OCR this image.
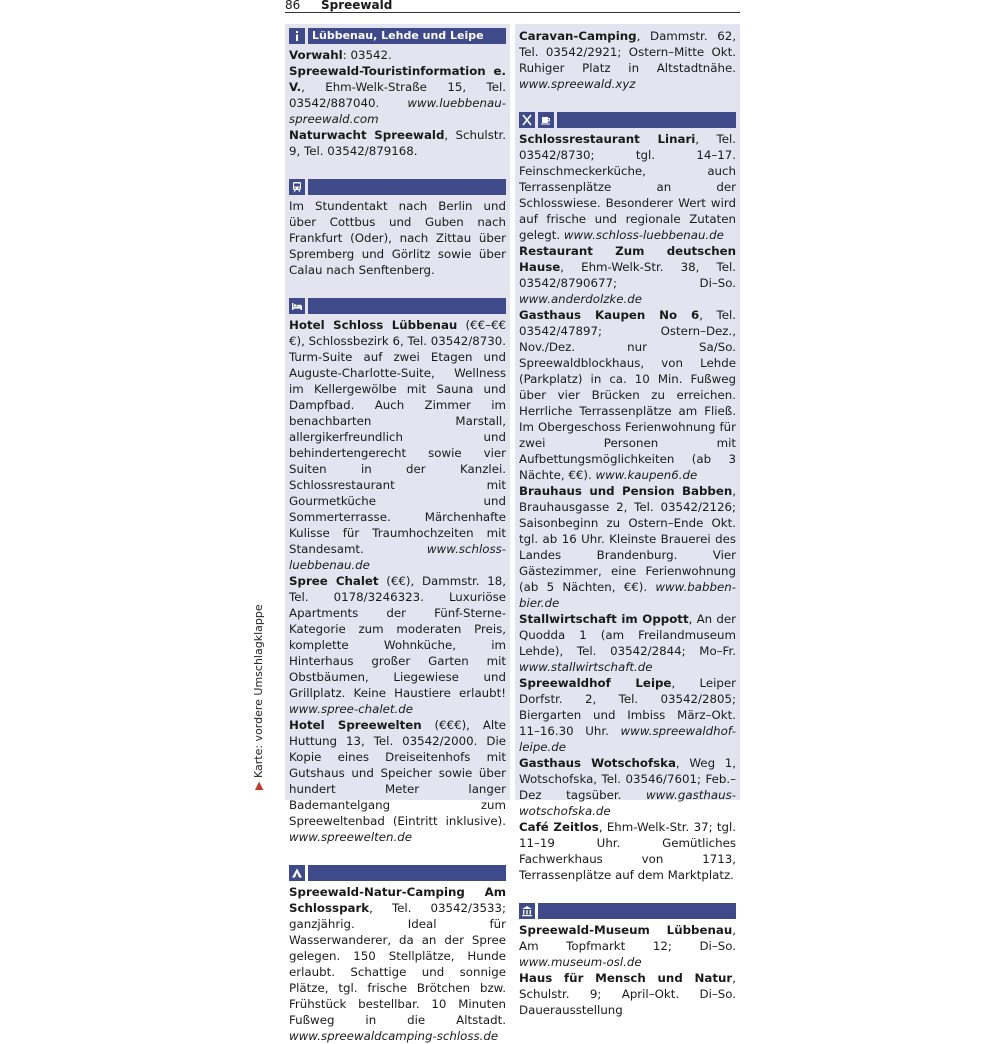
86 Spreewald
▶ Karte: vordere Umschlagklappe
Lübbenau, Lehde und Leipe

Vorwahl: 03542.

Spreewald-Touristinformation e. V., Ehm-Welk-Straße 15, Tel. 03542/887040. www.luebbenau-spreewald.com

Naturwacht Spreewald, Schulstr. 9, Tel. 03542/879168.

Im Stundentakt nach Berlin und über Cottbus und Guben nach Frankfurt (Oder), nach Zittau über Spremberg und Görlitz sowie über Calau nach Senftenberg.

Hotel Schloss Lübbenau (€€–€€€), Schlossbezirk 6, Tel. 03542/8730. Turm-Suite auf zwei Etagen und Auguste-Charlotte-Suite, Wellness im Kellergewölbe mit Sauna und Dampfbad. Auch Zimmer im benachbarten Marstall, allergikerfreundlich und behindertengerecht sowie vier Suiten in der Kanzlei. Schlossrestaurant mit Gourmetküche und Sommerterrasse. Märchenhafte Kulisse für Traumhochzeiten mit Standesamt.	www.schloss-luebbenau.de

Spree Chalet (€€), Dammstr. 18, Tel. 0178/3246323. Luxuriöse Apartments der Fünf-Sterne-Kategorie zum moderaten Preis, komplette Wohnküche, im Hinterhaus großer Garten mit Obstbäumen, Liegewiese und Grillplatz. Keine Haustiere erlaubt! www.spree-chalet.de

Hotel Spreewelten (€€€), Alte Huttung 13, Tel. 03542/2000. Die Kopie eines Dreiseitenhofs mit Gutshaus und Speicher sowie über hundert Meter langer Bademantelgang zum Spreeweltenbad (Eintritt inklusive). www.spreewelten.de

Spreewald-Natur-Camping Am Schlosspark, Tel. 03542/3533; ganzjährig. Ideal für Wasserwanderer, da an der Spree gelegen. 150 Stellplätze, Hunde erlaubt. Schattige und sonnige Plätze, tgl. frische Brötchen bzw. Frühstück bestellbar. 10 Minuten Fußweg in die Altstadt. www.spreewaldcamping-schloss.de

Caravan-Camping, Dammstr. 62, Tel. 03542/2921; Ostern–Mitte Okt. Ruhiger Platz in Altstadtnähe. www.spreewald.xyz

Schlossrestaurant Linari, Tel. 03542/8730; tgl. 14–17. Feinschmeckerküche, auch Terrassenplätze an der Schlosswiese. Besonderer Wert wird auf frische und regionale Zutaten gelegt. www.schloss-luebbenau.de

Restaurant Zum deutschen Hause, Ehm-Welk-Str. 38, Tel. 03542/8790677; Di–So. www.anderdolzke.de

Gasthaus Kaupen No 6, Tel. 03542/47897; Ostern–Dez., Nov./Dez. nur Sa/So. Spreewaldblockhaus, von Lehde (Parkplatz) in ca. 10 Min. Fußweg über vier Brücken zu erreichen. Herrliche Terrassenplätze am Fließ. Im Obergeschoss Ferienwohnung für zwei Personen mit Aufbettungsmöglichkeiten (ab 3 Nächte, €€). www.kaupen6.de

Brauhaus und Pension Babben, Brauhausgasse 2, Tel. 03542/2126; Saisonbeginn zu Ostern–Ende Okt. tgl. ab 16 Uhr. Kleinste Brauerei des Landes Brandenburg. Vier Gästezimmer, eine Ferienwohnung (ab 5 Nächten, €€). www.babben-bier.de

Stallwirtschaft im Oppott, An der Quodda 1 (am Freilandmuseum Lehde), Tel. 03542/2844; Mo–Fr. www.stallwirtschaft.de

Spreewaldhof Leipe, Leiper Dorfstr. 2, Tel. 03542/2805; Biergarten und Imbiss März–Okt. 11–16.30 Uhr. www.spreewaldhof-leipe.de

Gasthaus Wotschofska, Weg 1, Wotschofska, Tel. 03546/7601; Feb.–Dez tagsüber. www.gasthaus-wotschofska.de

Café Zeitlos, Ehm-Welk-Str. 37; tgl. 11–19 Uhr. Gemütliches Fachwerkhaus von 1713, Terrassenplätze auf dem Marktplatz.

Spreewald-Museum Lübbenau, Am Topfmarkt 12; Di–So. www.museum-osl.de

Haus für Mensch und Natur, Schulstr. 9; April–Okt. Di–So. Dauerausstellung
